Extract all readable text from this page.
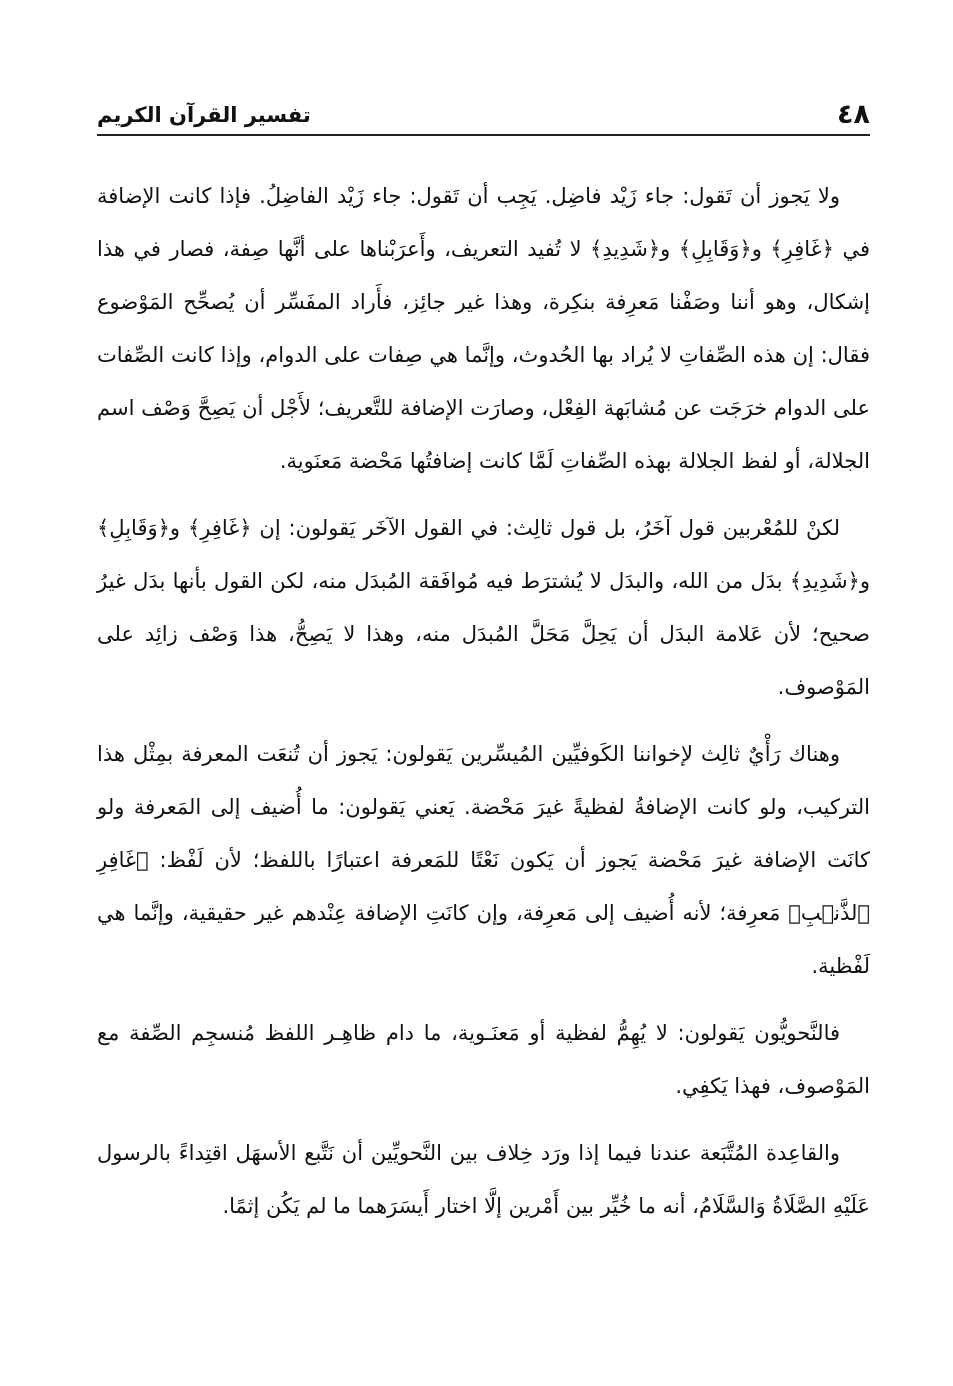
٤٨
تفسير القرآن الكريم

ولا يَجوز أن تَقول: جاء زَيْد فاضِل. يَجِب أن تَقول: جاء زَيْد الفاضِلُ. فإذا كانت الإضافة في ﴿غَافِرِ﴾ و﴿وَقَابِلِ﴾ و﴿شَدِيدِ﴾ لا تُفيد التعريف، وأَعرَبْناها على أنَّها صِفة، فصار في هذا إشكال، وهو أننا وصَفْنا مَعرِفة بنكِرة، وهذا غير جائِز، فأَراد المفَسِّر أن يُصحِّح المَوْضوع فقال: إن هذه الصِّفاتِ لا يُراد بها الحُدوث، وإنَّما هي صِفات على الدوام، وإذا كانت الصِّفات على الدوام خرَجَت عن مُشابَهة الفِعْل، وصارَت الإضافة للتَّعريف؛ لأَجْل أن يَصِحَّ وَصْف اسم الجلالة، أو لفظ الجلالة بهذه الصِّفاتِ لَمَّا كانت إضافتُها مَحْضة مَعنَوية.

لكنْ للمُعْربين قول آخَرُ، بل قول ثالِث: في القول الآخَر يَقولون: إن ﴿غَافِرِ﴾ و﴿وَقَابِلِ﴾ و﴿شَدِيدِ﴾ بدَل من الله، والبدَل لا يُشترَط فيه مُوافَقة المُبدَل منه، لكن القول بأنها بدَل غيرُ صحيح؛ لأن عَلامة البدَل أن يَحِلَّ مَحَلَّ المُبدَل منه، وهذا لا يَصِحُّ، هذا وَصْف زائِد على المَوْصوف.

وهناك رَأْيٌ ثالِث لإخواننا الكَوفيِّين المُيسِّرين يَقولون: يَجوز أن تُنعَت المعرفة بمِثْل هذا التركيب، ولو كانت الإضافةُ لفظيةً غيرَ مَحْضة. يَعني يَقولون: ما أُضيف إلى المَعرفة ولو كانَت الإضافة غيرَ مَحْضة يَجوز أن يَكون نَعْتًا للمَعرفة اعتبارًا باللفظ؛ لأن لَفْظ: ﴿غَافِرِ ٱلذَّنۢبِ﴾ مَعرِفة؛ لأنه أُضيف إلى مَعرِفة، وإن كانَتِ الإضافة عِنْدهم غير حقيقية، وإنَّما هي لَفْظية.

فالنَّحويُّون يَقولون: لا يُهِمُّ لفظية أو مَعنَـوية، ما دام ظاهِـر اللفظ مُنسجِم الصِّفة مع المَوْصوف، فهذا يَكفِي.

والقاعِدة المُتَّبَعة عندنا فيما إذا ورَد خِلاف بين النَّحويِّين أن نَتَّبع الأسهَل اقتِداءً بالرسول عَلَيْهِ الصَّلَاةُ وَالسَّلَامُ، أنه ما خُيِّر بين أَمْرين إلَّا اختار أَيسَرَهما ما لم يَكُن إثمًا.
